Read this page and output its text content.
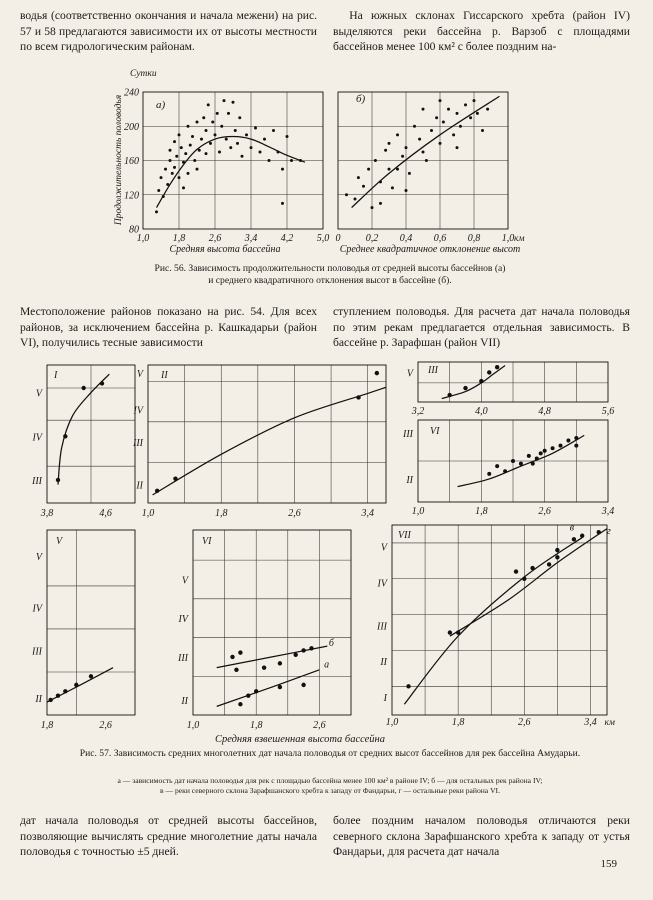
водья (соответственно окончания и начала межени) на рис. 57 и 58 предлагаются зависимости их от высоты местности по всем гидрологическим районам.

На южных склонах Гиссарского хребта (район IV) выделяются реки бассейна р. Варзоб с площадями бассейнов менее 100 км² с более поздним на-

1,0 1,8 2,6 3,4 4,2 5,0
80
120
160
200
240
Сутки
Продолжительность половодья
Средняя высота бассейна
а)
0	0,2 0,4 0,6 0,8 1,0 км
Среднее квадратичное отклонение высот
б)
3,8	4,6
III
IV
V
I
1,0	1,8	2,6	3,4
II
III
IV
V II
3,2	4,0	4,8	5,6
V III
1,0	1,8	2,6	3,4
II
III VI
1,8	2,6
II
III
IV
V
V
б
а
1,0	1,8	2,6
II
III
IV
V
VI
Средняя взвешенная высота бассейна
в	г
1,0	1,8	2,6	3,4 км
I
II
III
IV
V
VII
Рис. 56. Зависимость продолжительности половодья от средней высоты бассейнов (а)
и среднего квадратичного отклонения высот в бассейне (б).

Местоположение районов показано на рис. 54. Для всех районов, за исключением бассейна р. Кашкадарьи (район VI), получились тесные зависимости

ступлением половодья. Для расчета дат начала половодья по этим рекам предлагается отдельная зависимость. В бассейне р. Зарафшан (район VII)

Рис. 57. Зависимость средних многолетних дат начала половодья от средних высот бассейнов для рек бассейна Амударьи.
а — зависимость дат начала половодья для рек с площадью бассейна менее 100 км² в районе IV; б — для остальных рек района IV;
в — реки северного склона Зарафшанского хребта к западу от Фандарьи, г — остальные реки района VI.

дат начала половодья от средней высоты бассейнов, позволяющие вычислять средние многолетние даты начала половодья с точностью ±5 дней.

более поздним началом половодья отличаются реки северного склона Зарафшанского хребта к западу от устья Фандарьи, для расчета дат начала

159
